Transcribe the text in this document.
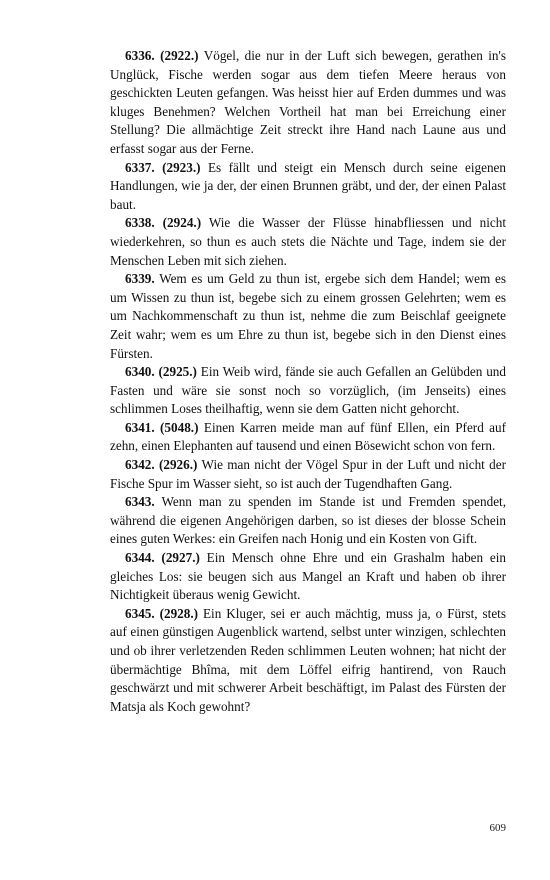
6336. (2922.) Vögel, die nur in der Luft sich bewegen, gerathen in's Unglück, Fische werden sogar aus dem tiefen Meere heraus von geschickten Leuten gefangen. Was heisst hier auf Erden dummes und was kluges Benehmen? Welchen Vortheil hat man bei Erreichung einer Stellung? Die allmächtige Zeit streckt ihre Hand nach Laune aus und erfasst sogar aus der Ferne.

6337. (2923.) Es fällt und steigt ein Mensch durch seine eigenen Handlungen, wie ja der, der einen Brunnen gräbt, und der, der einen Palast baut.

6338. (2924.) Wie die Wasser der Flüsse hinabfliessen und nicht wiederkehren, so thun es auch stets die Nächte und Tage, indem sie der Menschen Leben mit sich ziehen.

6339. Wem es um Geld zu thun ist, ergebe sich dem Handel; wem es um Wissen zu thun ist, begebe sich zu einem grossen Gelehrten; wem es um Nachkommenschaft zu thun ist, nehme die zum Beischlaf geeignete Zeit wahr; wem es um Ehre zu thun ist, begebe sich in den Dienst eines Fürsten.

6340. (2925.) Ein Weib wird, fände sie auch Gefallen an Gelübden und Fasten und wäre sie sonst noch so vorzüglich, (im Jenseits) eines schlimmen Loses theilhaftig, wenn sie dem Gatten nicht gehorcht.

6341. (5048.) Einen Karren meide man auf fünf Ellen, ein Pferd auf zehn, einen Elephanten auf tausend und einen Bösewicht schon von fern.

6342. (2926.) Wie man nicht der Vögel Spur in der Luft und nicht der Fische Spur im Wasser sieht, so ist auch der Tugendhaften Gang.

6343. Wenn man zu spenden im Stande ist und Fremden spendet, während die eigenen Angehörigen darben, so ist dieses der blosse Schein eines guten Werkes: ein Greifen nach Honig und ein Kosten von Gift.

6344. (2927.) Ein Mensch ohne Ehre und ein Grashalm haben ein gleiches Los: sie beugen sich aus Mangel an Kraft und haben ob ihrer Nichtigkeit überaus wenig Gewicht.

6345. (2928.) Ein Kluger, sei er auch mächtig, muss ja, o Fürst, stets auf einen günstigen Augenblick wartend, selbst unter winzigen, schlechten und ob ihrer verletzenden Reden schlimmen Leuten wohnen; hat nicht der übermächtige Bhîma, mit dem Löffel eifrig hantirend, von Rauch geschwärzt und mit schwerer Arbeit beschäftigt, im Palast des Fürsten der Matsja als Koch gewohnt?

609
